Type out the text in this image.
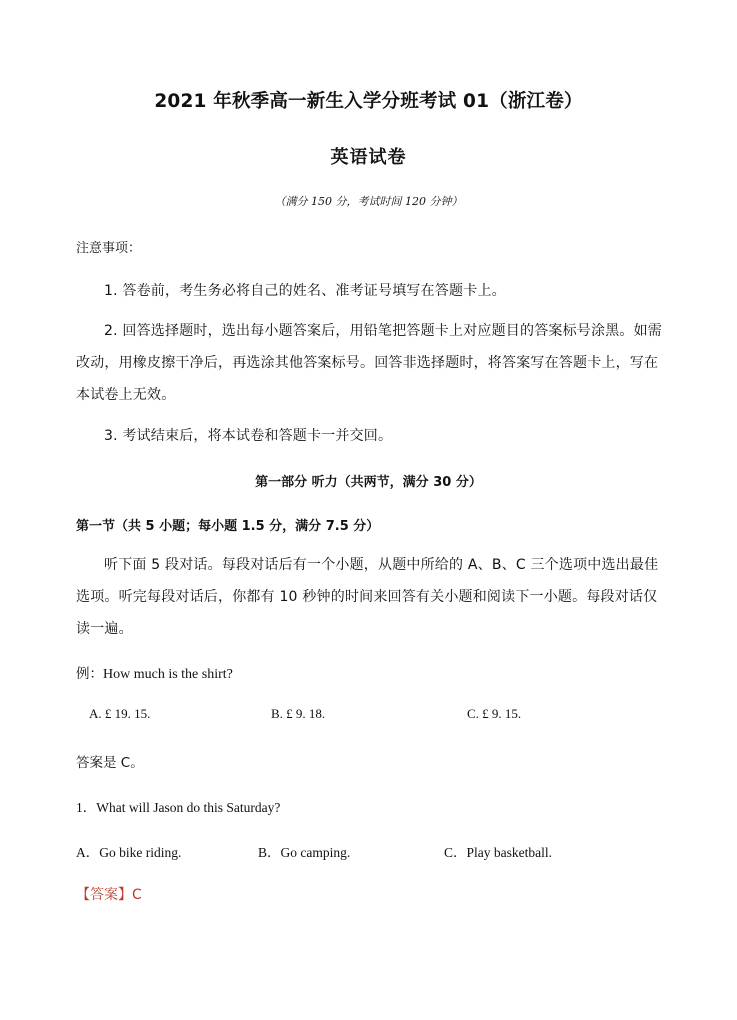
2021 年秋季高一新生入学分班考试 01（浙江卷）
英语试卷
（满分 150 分，考试时间 120 分钟）
注意事项：
1. 答卷前，考生务必将自己的姓名、准考证号填写在答题卡上。
2. 回答选择题时，选出每小题答案后，用铅笔把答题卡上对应题目的答案标号涂黑。如需改动，用橡皮擦干净后，再选涂其他答案标号。回答非选择题时，将答案写在答题卡上，写在本试卷上无效。
3. 考试结束后，将本试卷和答题卡一并交回。
第一部分 听力（共两节，满分 30 分）
第一节（共 5 小题；每小题 1.5 分，满分 7.5 分）
听下面 5 段对话。每段对话后有一个小题，从题中所给的 A、B、C 三个选项中选出最佳选项。听完每段对话后，你都有 10 秒钟的时间来回答有关小题和阅读下一小题。每段对话仅读一遍。
例：How much is the shirt?
A. £ 19. 15.	B. £ 9. 18.	C. £ 9. 15.
答案是 C。
1．What will Jason do this Saturday?
A．Go bike riding.	B．Go camping.	C．Play basketball.
【答案】C
